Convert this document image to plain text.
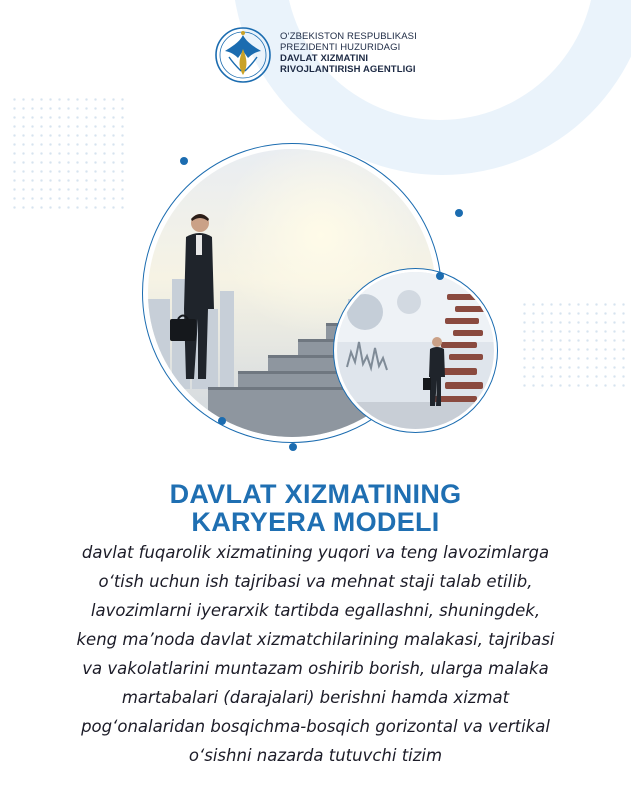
O‘ZBEKISTON RESPUBLIKASI
PREZIDENTI HUZURIDAGI
DAVLAT XIZMATINI
RIVOJLANTIRISH AGENTLIGI
DAVLAT XIZMATINING
KARYERA MODELI
davlat fuqarolik xizmatining yuqori va teng lavozimlarga
o‘tish uchun ish tajribasi va mehnat staji talab etilib,
lavozimlarni iyerarxik tartibda egallashni, shuningdek,
keng ma’noda davlat xizmatchilarining malakasi, tajribasi
va vakolatlarini muntazam oshirib borish, ularga malaka
martabalari (darajalari) berishni hamda xizmat
pog‘onalaridan bosqichma-bosqich gorizontal va vertikal
o‘sishni nazarda tutuvchi tizim
